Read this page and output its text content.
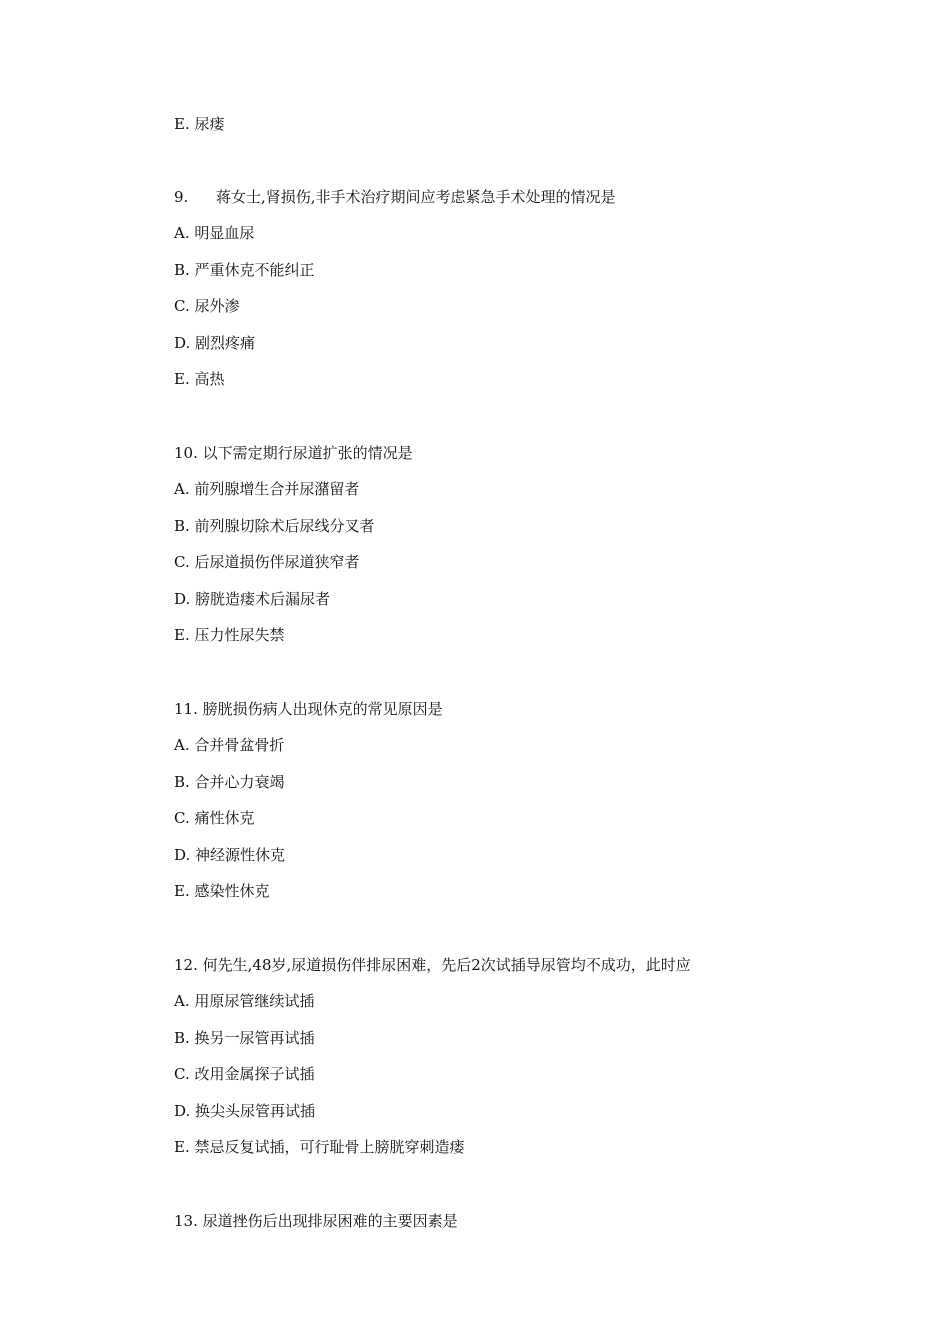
E. 尿瘘
9. 蒋女士,肾损伤,非手术治疗期间应考虑紧急手术处理的情况是
A. 明显血尿
B. 严重休克不能纠正
C. 尿外渗
D. 剧烈疼痛
E. 高热
10. 以下需定期行尿道扩张的情况是
A. 前列腺增生合并尿潴留者
B. 前列腺切除术后尿线分叉者
C. 后尿道损伤伴尿道狭窄者
D. 膀胱造瘘术后漏尿者
E. 压力性尿失禁
11. 膀胱损伤病人出现休克的常见原因是
A. 合并骨盆骨折
B. 合并心力衰竭
C. 痛性休克
D. 神经源性休克
E. 感染性休克
12. 何先生,48岁,尿道损伤伴排尿困难，先后2次试插导尿管均不成功，此时应
A. 用原尿管继续试插
B. 换另一尿管再试插
C. 改用金属探子试插
D. 换尖头尿管再试插
E. 禁忌反复试插，可行耻骨上膀胱穿刺造瘘
13. 尿道挫伤后出现排尿困难的主要因素是
